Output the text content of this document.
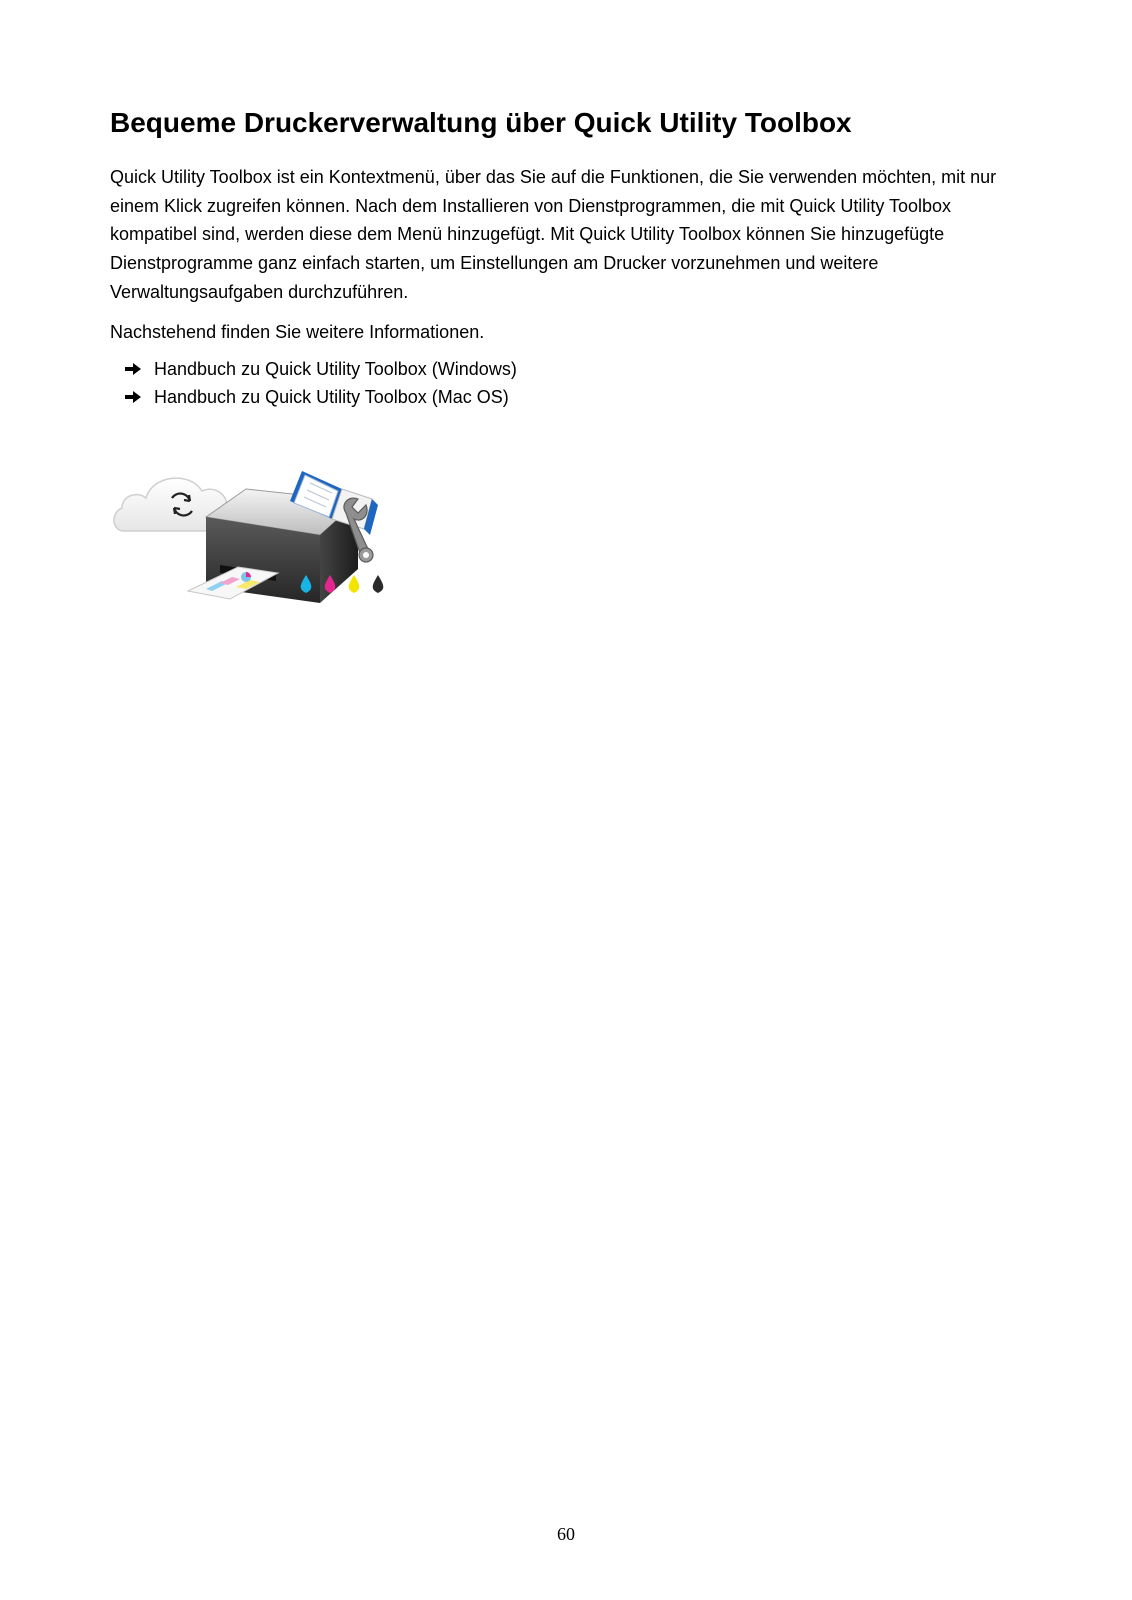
Bequeme Druckerverwaltung über Quick Utility Toolbox

Quick Utility Toolbox ist ein Kontextmenü, über das Sie auf die Funktionen, die Sie verwenden möchten, mit nur einem Klick zugreifen können. Nach dem Installieren von Dienstprogrammen, die mit Quick Utility Toolbox kompatibel sind, werden diese dem Menü hinzugefügt. Mit Quick Utility Toolbox können Sie hinzugefügte Dienstprogramme ganz einfach starten, um Einstellungen am Drucker vorzunehmen und weitere Verwaltungsaufgaben durchzuführen.

Nachstehend finden Sie weitere Informationen.

Handbuch zu Quick Utility Toolbox (Windows)
Handbuch zu Quick Utility Toolbox (Mac OS)
60
